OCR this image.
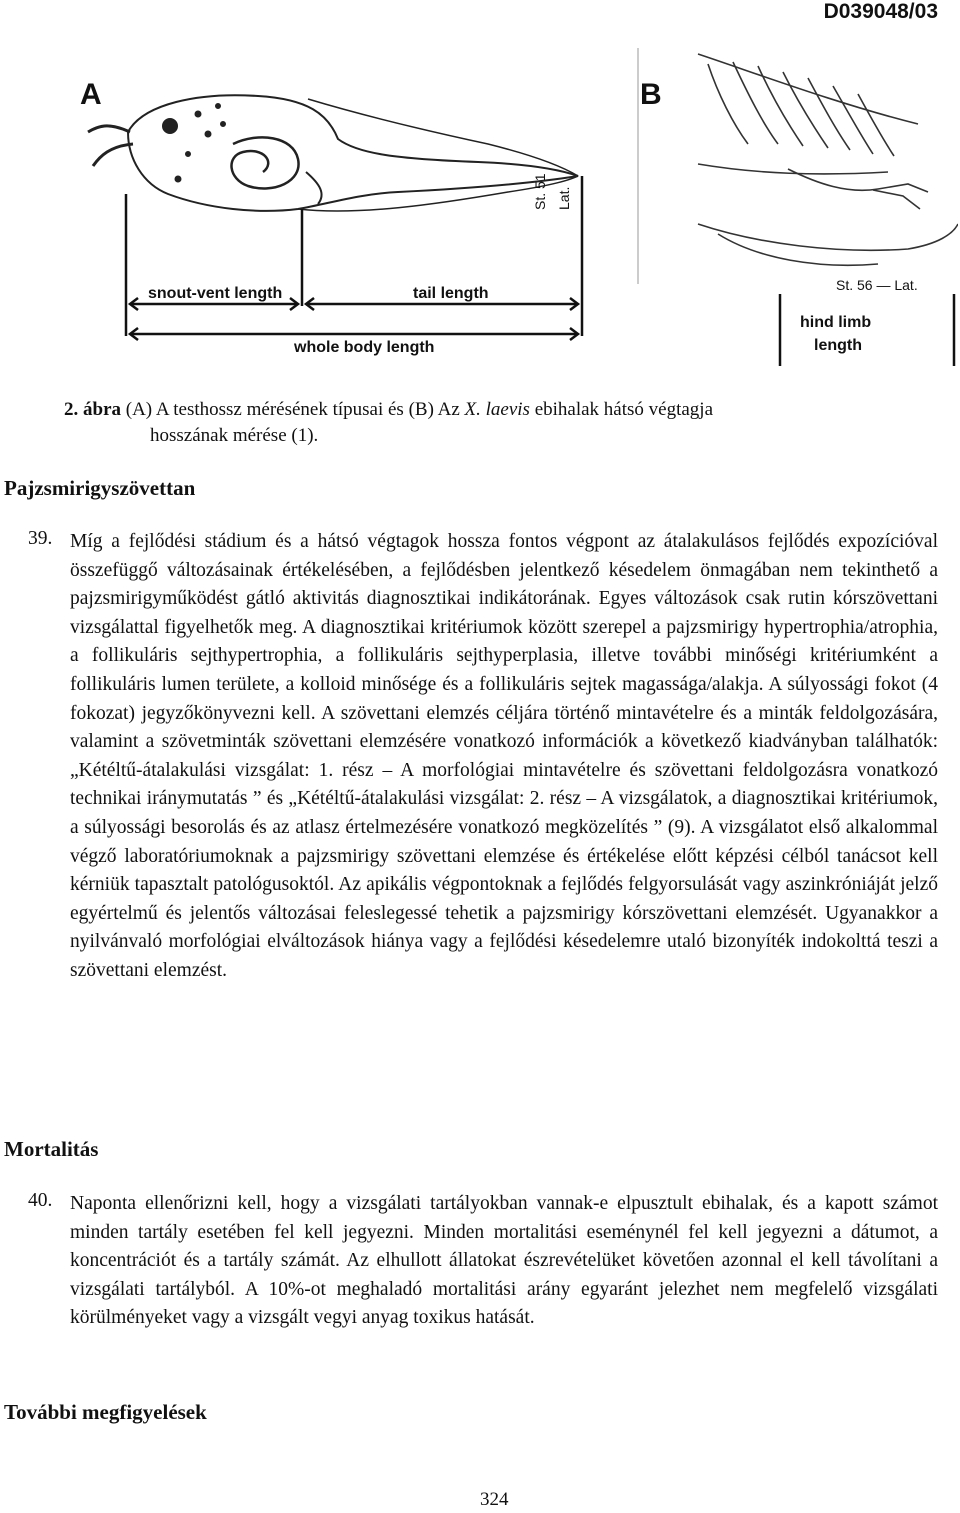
D039048/03
A
snout-vent length	tail length
whole body length
St. 51 Lat.
B
St. 56 — Lat.
hind limb
length
2. ábra (A) A testhossz mérésének típusai és (B) Az X. laevis ebihalak hátsó végtagja
hosszának mérése (1).
Pajzsmirigyszövettan
39. Míg a fejlődési stádium és a hátsó végtagok hossza fontos végpont az átalakulásos fejlődés expozícióval összefüggő változásainak értékelésében, a fejlődésben jelentkező késedelem önmagában nem tekinthető a pajzsmirigyműködést gátló aktivitás diagnosztikai indikátorának. Egyes változások csak rutin kórszövettani vizsgálattal figyelhetők meg. A diagnosztikai kritériumok között szerepel a pajzsmirigy hypertrophia/atrophia, a follikuláris sejthypertrophia, a follikuláris sejthyperplasia, illetve további minőségi kritériumként a follikuláris lumen területe, a kolloid minősége és a follikuláris sejtek magassága/alakja. A súlyossági fokot (4 fokozat) jegyzőkönyvezni kell. A szövettani elemzés céljára történő mintavételre és a minták feldolgozására, valamint a szövetminták szövettani elemzésére vonatkozó információk a következő kiadványban találhatók: „Kétéltű-átalakulási vizsgálat: 1. rész – A morfológiai mintavételre és szövettani feldolgozásra vonatkozó technikai iránymutatás ” és „Kétéltű-átalakulási vizsgálat: 2. rész – A vizsgálatok, a diagnosztikai kritériumok, a súlyossági besorolás és az atlasz értelmezésére vonatkozó megközelítés ” (9). A vizsgálatot első alkalommal végző laboratóriumoknak a pajzsmirigy szövettani elemzése és értékelése előtt képzési célból tanácsot kell kérniük tapasztalt patológusoktól. Az apikális végpontoknak a fejlődés felgyorsulását vagy aszinkróniáját jelző egyértelmű és jelentős változásai feleslegessé tehetik a pajzsmirigy kórszövettani elemzését. Ugyanakkor a nyilvánvaló morfológiai elváltozások hiánya vagy a fejlődési késedelemre utaló bizonyíték indokolttá teszi a szövettani elemzést.
Mortalitás
40. Naponta ellenőrizni kell, hogy a vizsgálati tartályokban vannak-e elpusztult ebihalak, és a kapott számot minden tartály esetében fel kell jegyezni. Minden mortalitási eseménynél fel kell jegyezni a dátumot, a koncentrációt és a tartály számát. Az elhullott állatokat észrevételüket követően azonnal el kell távolítani a vizsgálati tartályból. A 10%-ot meghaladó mortalitási arány egyaránt jelezhet nem megfelelő vizsgálati körülményeket vagy a vizsgált vegyi anyag toxikus hatását.
További megfigyelések
324
